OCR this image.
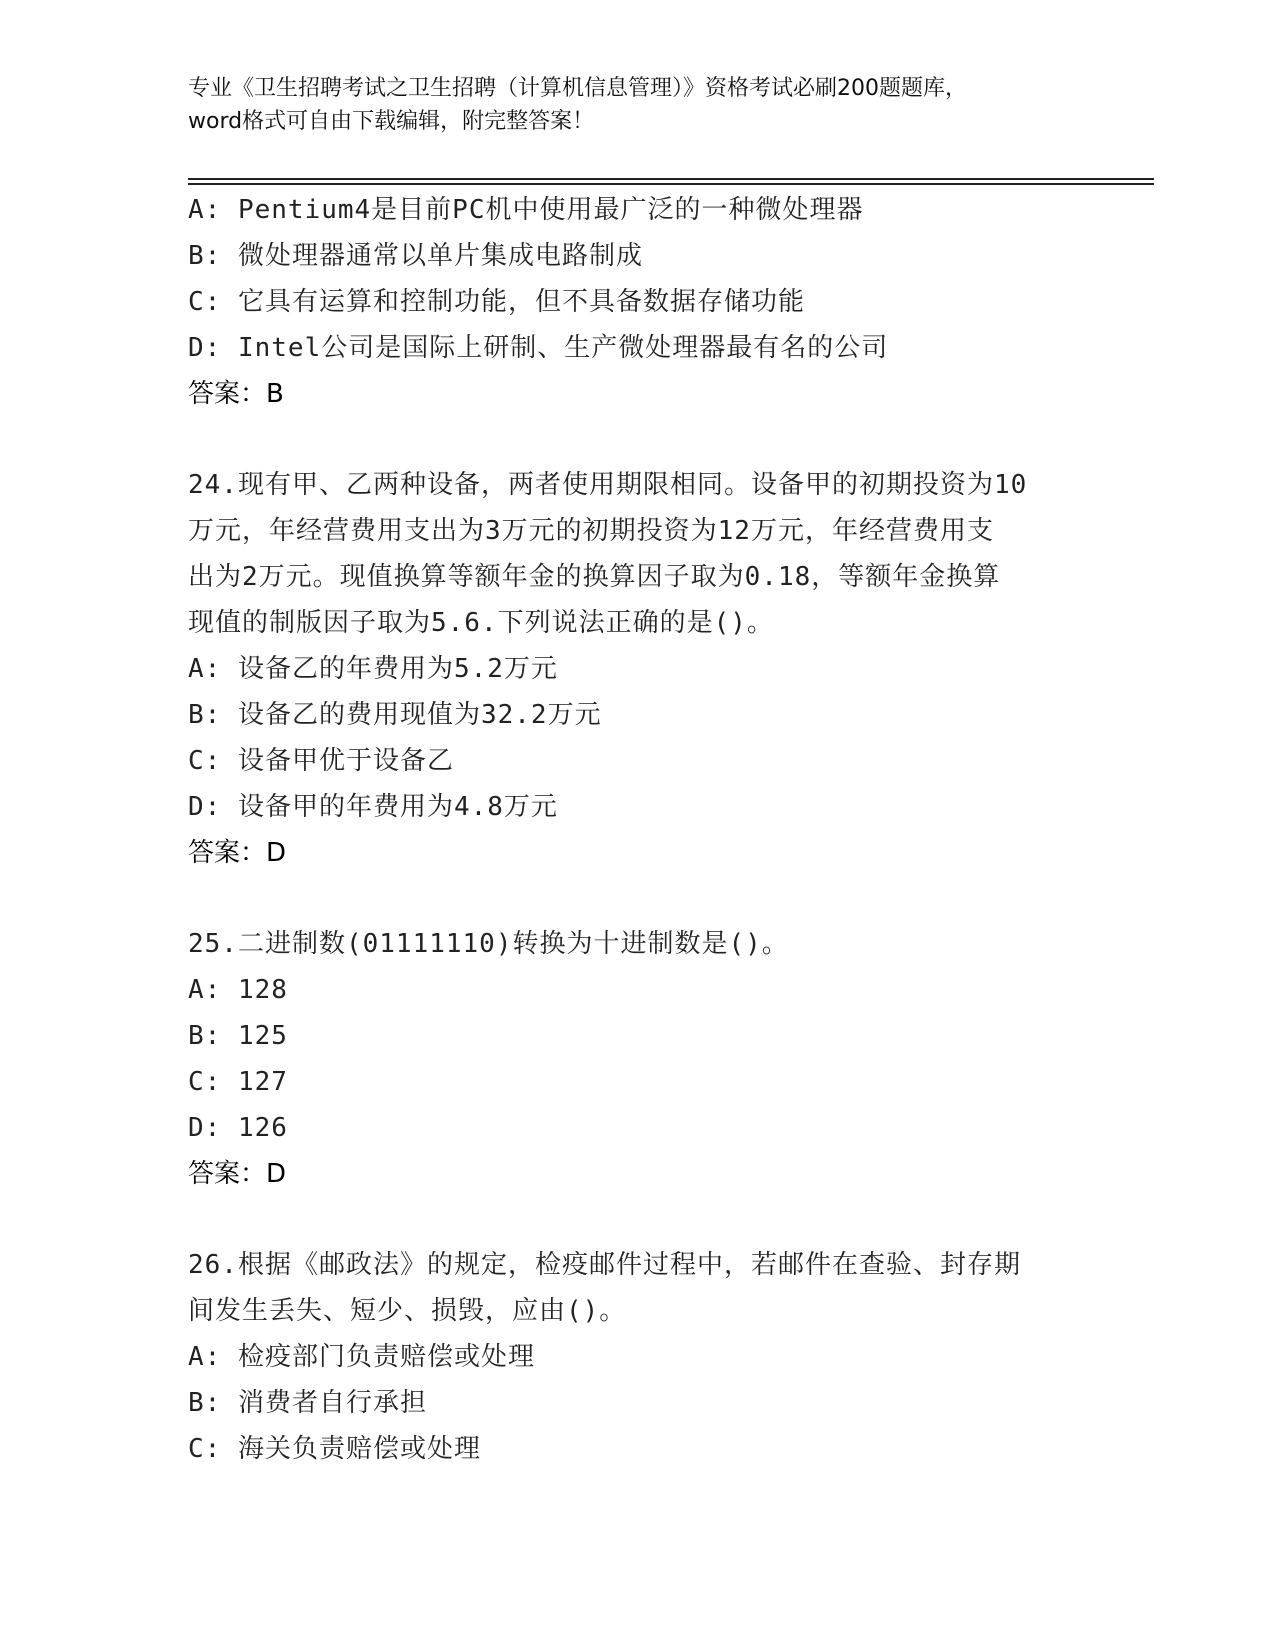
专业《卫生招聘考试之卫生招聘（计算机信息管理）》资格考试必刷200题题库，
word格式可自由下载编辑，附完整答案！
A: Pentium4是目前PC机中使用最广泛的一种微处理器
B: 微处理器通常以单片集成电路制成
C: 它具有运算和控制功能，但不具备数据存储功能
D: Intel公司是国际上研制、生产微处理器最有名的公司
答案：B
24.现有甲、乙两种设备，两者使用期限相同。设备甲的初期投资为10
万元，年经营费用支出为3万元的初期投资为12万元，年经营费用支
出为2万元。现值换算等额年金的换算因子取为0.18，等额年金换算
现值的制版因子取为5.6.下列说法正确的是()。
A: 设备乙的年费用为5.2万元
B: 设备乙的费用现值为32.2万元
C: 设备甲优于设备乙
D: 设备甲的年费用为4.8万元
答案：D
25.二进制数(01111110)转换为十进制数是()。
A: 128
B: 125
C: 127
D: 126
答案：D
26.根据《邮政法》的规定，检疫邮件过程中，若邮件在查验、封存期
间发生丢失、短少、损毁，应由()。
A: 检疫部门负责赔偿或处理
B: 消费者自行承担
C: 海关负责赔偿或处理
